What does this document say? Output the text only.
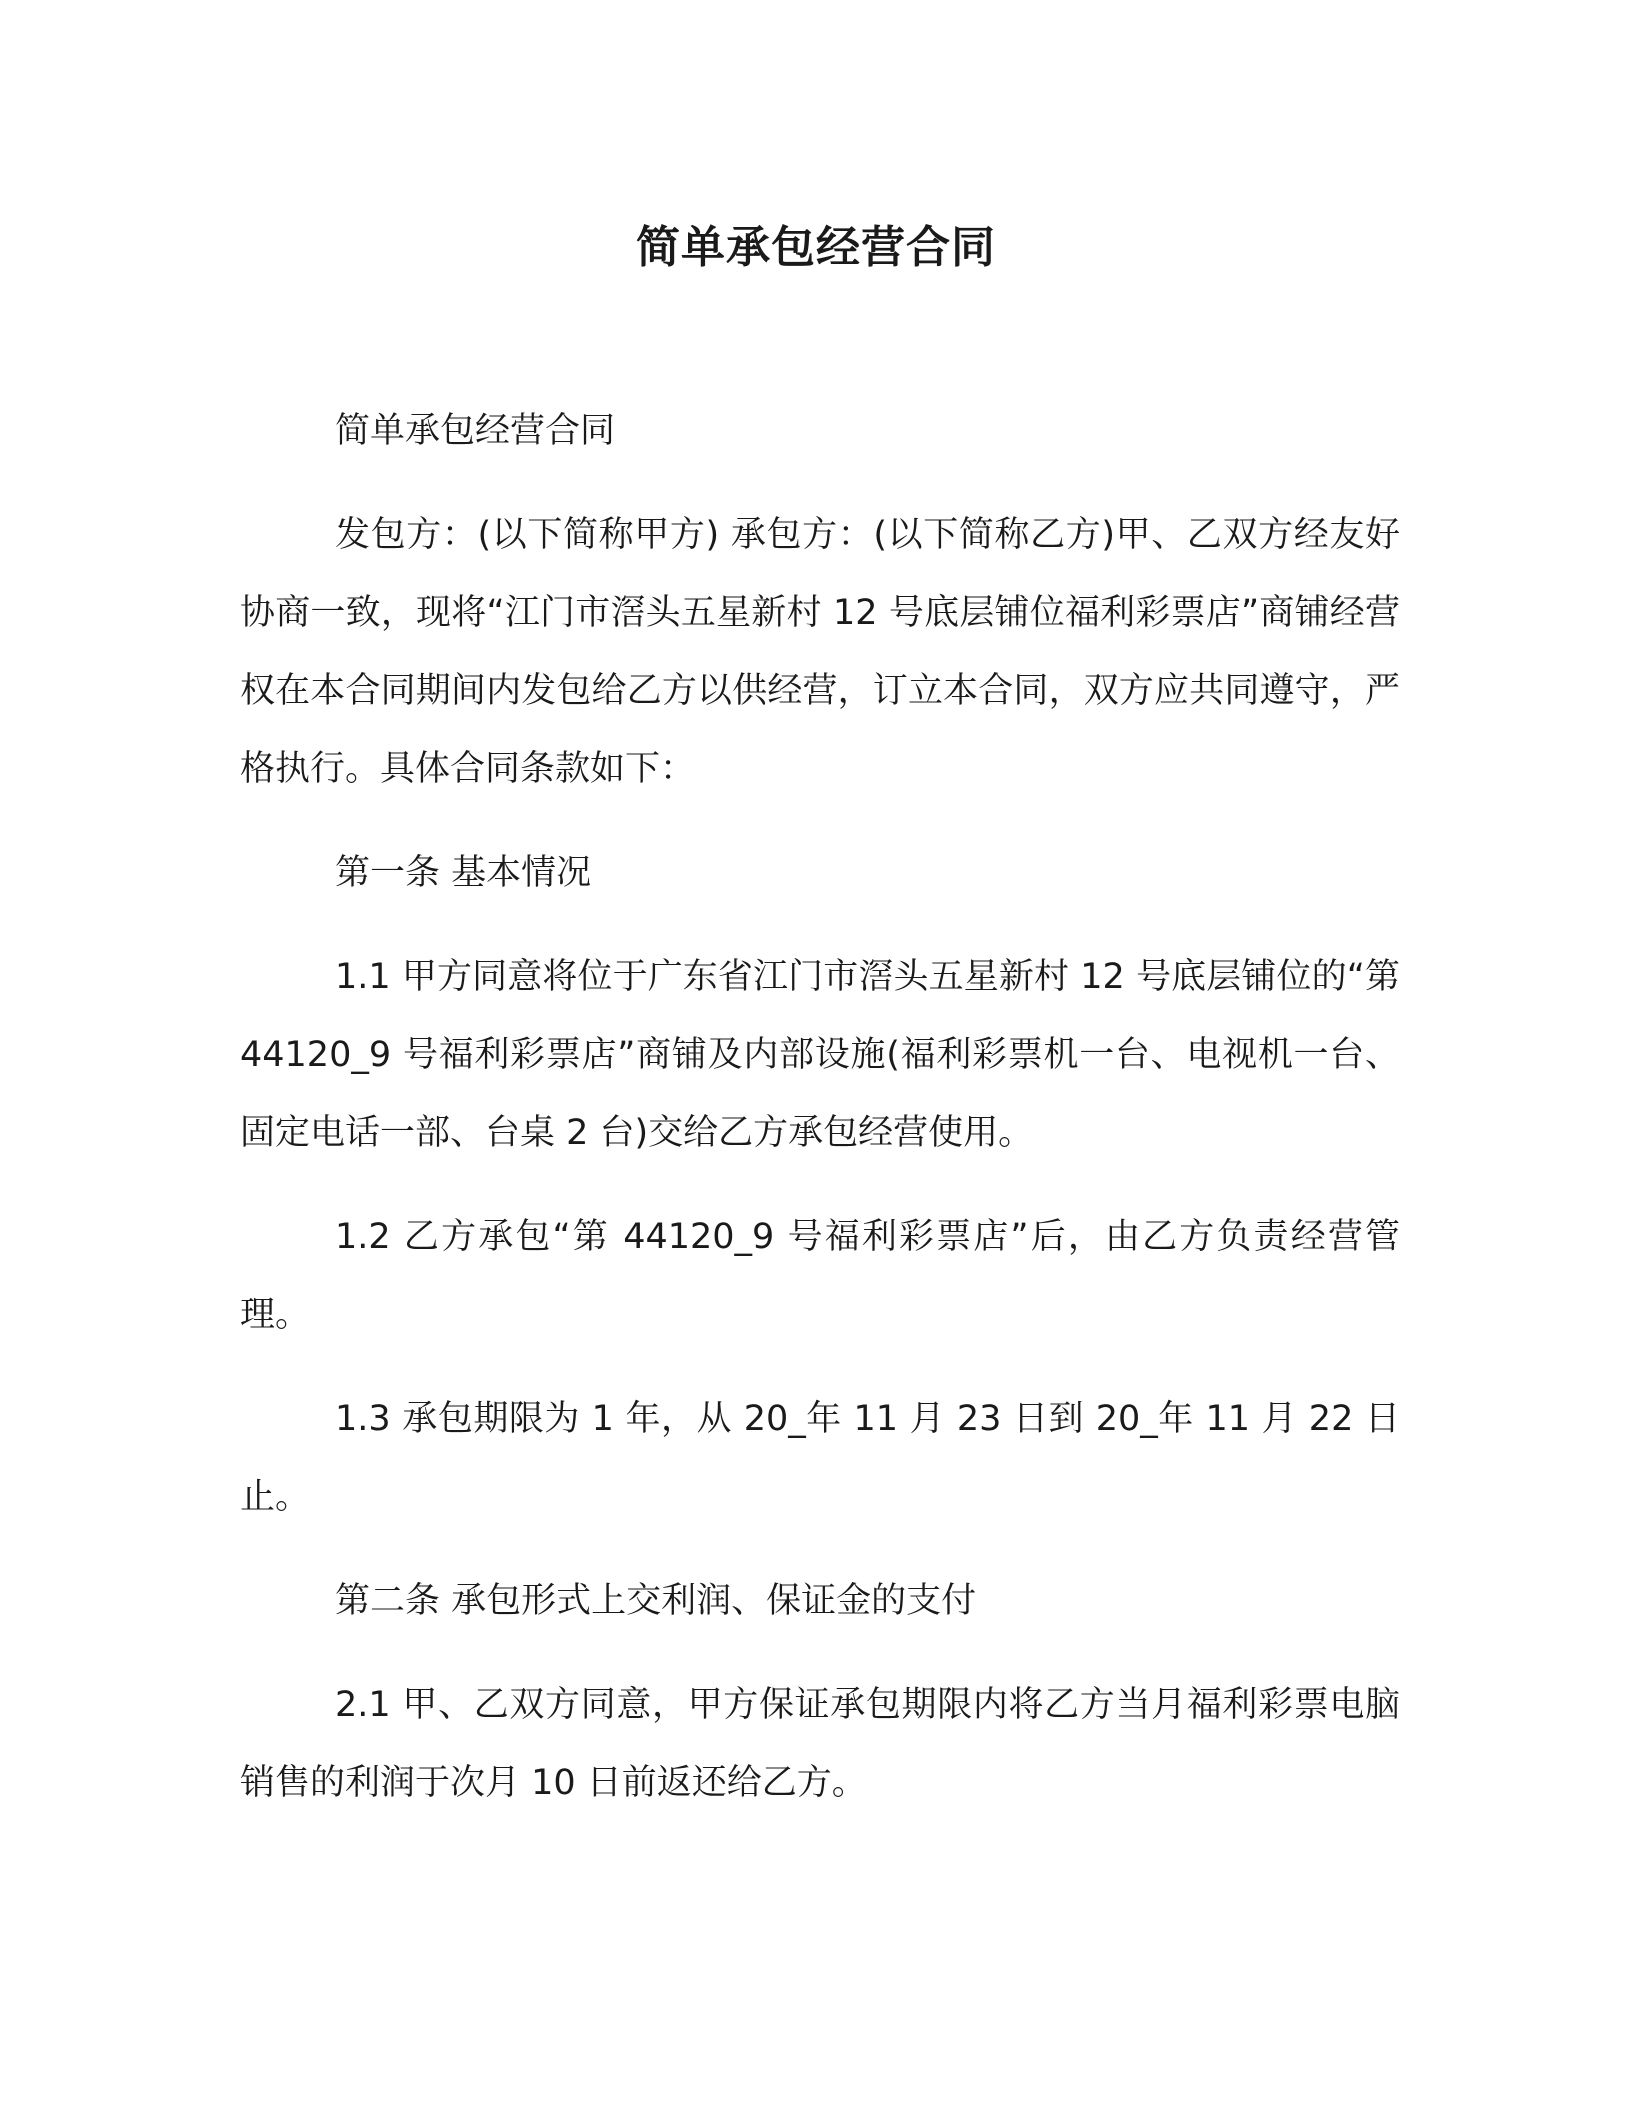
简单承包经营合同

简单承包经营合同

发包方：(以下简称甲方) 承包方：(以下简称乙方)甲、乙双方经友好协商一致，现将“江门市滘头五星新村 12 号底层铺位福利彩票店”商铺经营权在本合同期间内发包给乙方以供经营，订立本合同，双方应共同遵守，严格执行。具体合同条款如下：

第一条 基本情况

1.1 甲方同意将位于广东省江门市滘头五星新村 12 号底层铺位的“第 44120_9 号福利彩票店”商铺及内部设施(福利彩票机一台、电视机一台、固定电话一部、台桌 2 台)交给乙方承包经营使用。

1.2 乙方承包“第 44120_9 号福利彩票店”后，由乙方负责经营管理。

1.3 承包期限为 1 年，从 20_年 11 月 23 日到 20_年 11 月 22 日止。

第二条 承包形式上交利润、保证金的支付

2.1 甲、乙双方同意，甲方保证承包期限内将乙方当月福利彩票电脑销售的利润于次月 10 日前返还给乙方。
